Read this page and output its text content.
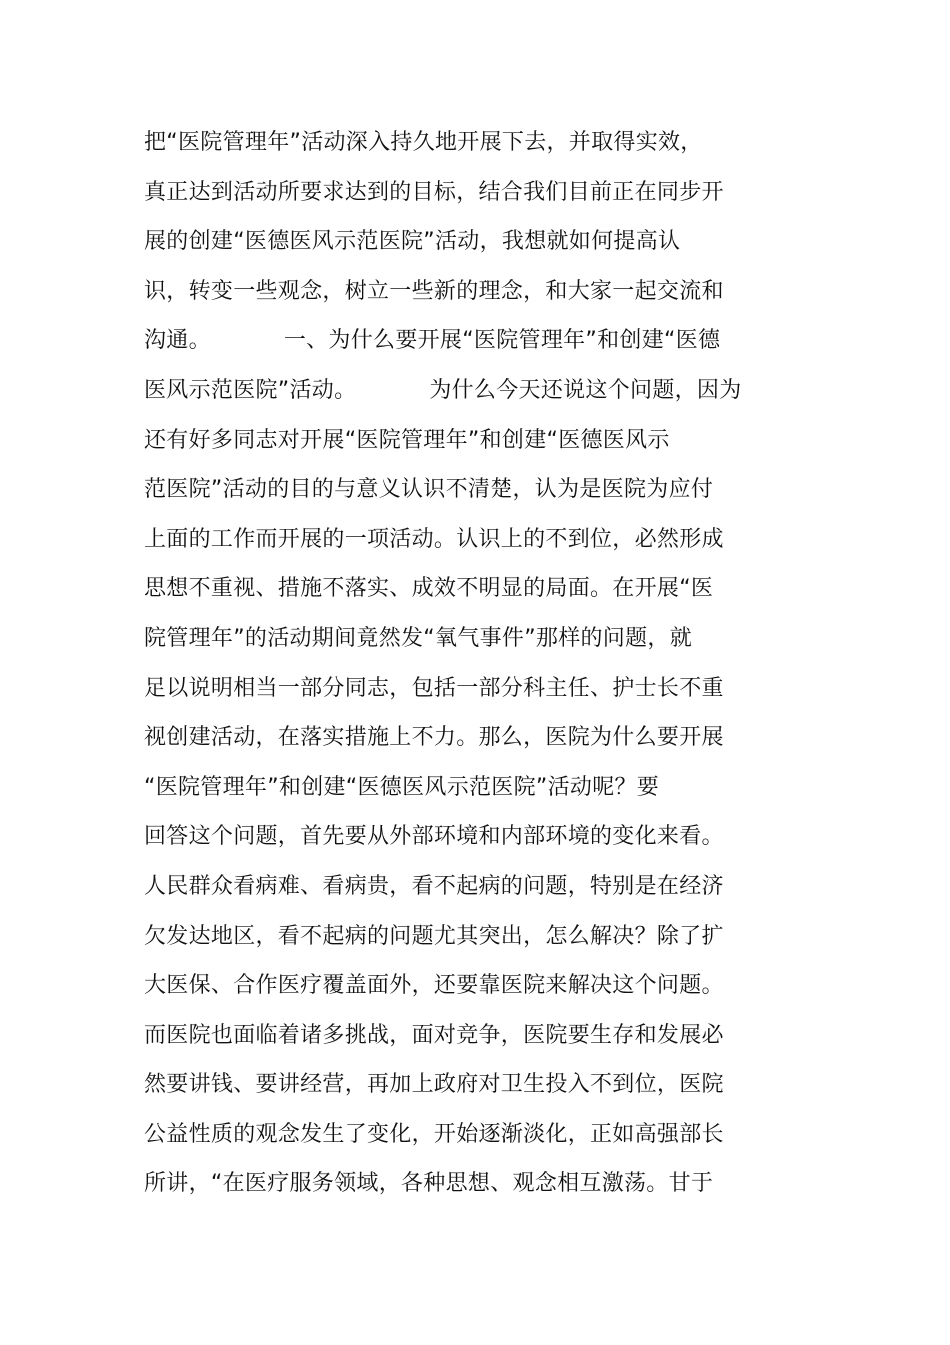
把“医院管理年”活动深入持久地开展下去，并取得实效，
真正达到活动所要求达到的目标，结合我们目前正在同步开
展的创建“医德医风示范医院”活动，我想就如何提高认
识，转变一些观念，树立一些新的理念，和大家一起交流和
沟通。          一、为什么要开展“医院管理年”和创建“医德
医风示范医院”活动。          为什么今天还说这个问题，因为
还有好多同志对开展“医院管理年”和创建“医德医风示
范医院”活动的目的与意义认识不清楚，认为是医院为应付
上面的工作而开展的一项活动。认识上的不到位，必然形成
思想不重视、措施不落实、成效不明显的局面。在开展“医
院管理年”的活动期间竟然发“氧气事件”那样的问题，就
足以说明相当一部分同志，包括一部分科主任、护士长不重
视创建活动，在落实措施上不力。那么，医院为什么要开展
“医院管理年”和创建“医德医风示范医院”活动呢？要
回答这个问题，首先要从外部环境和内部环境的变化来看。
人民群众看病难、看病贵，看不起病的问题，特别是在经济
欠发达地区，看不起病的问题尤其突出，怎么解决？除了扩
大医保、合作医疗覆盖面外，还要靠医院来解决这个问题。
而医院也面临着诸多挑战，面对竞争，医院要生存和发展必
然要讲钱、要讲经营，再加上政府对卫生投入不到位，医院
公益性质的观念发生了变化，开始逐渐淡化，正如高强部长
所讲，“在医疗服务领域，各种思想、观念相互激荡。甘于
